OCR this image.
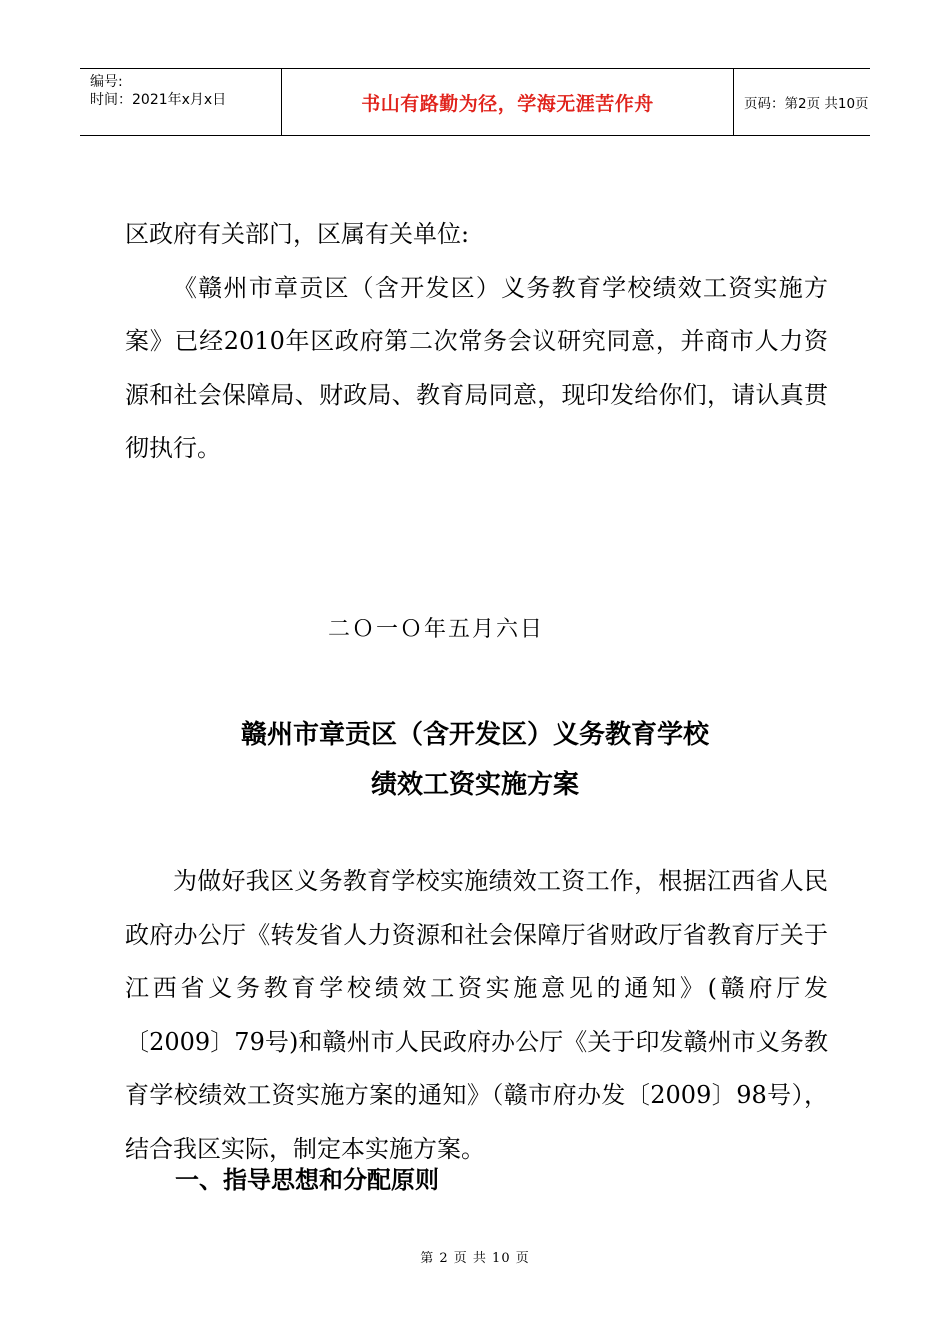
编号:
时间：2021年x月x日	书山有路勤为径，学海无涯苦作舟	页码：第2页 共10页

区政府有关部门，区属有关单位:

《赣州市章贡区（含开发区）义务教育学校绩效工资实施方案》已经2010年区政府第二次常务会议研究同意，并商市人力资源和社会保障局、财政局、教育局同意，现印发给你们，请认真贯彻执行。

二Ｏ一Ｏ年五月六日
赣州市章贡区（含开发区）义务教育学校
绩效工资实施方案

为做好我区义务教育学校实施绩效工资工作，根据江西省人民政府办公厅《转发省人力资源和社会保障厅省财政厅省教育厅关于江西省义务教育学校绩效工资实施意见的通知》(赣府厅发〔2009〕79号)和赣州市人民政府办公厅《关于印发赣州市义务教育学校绩效工资实施方案的通知》（赣市府办发〔2009〕98号），结合我区实际，制定本实施方案。

一、指导思想和分配原则
第 2 页 共 10 页
